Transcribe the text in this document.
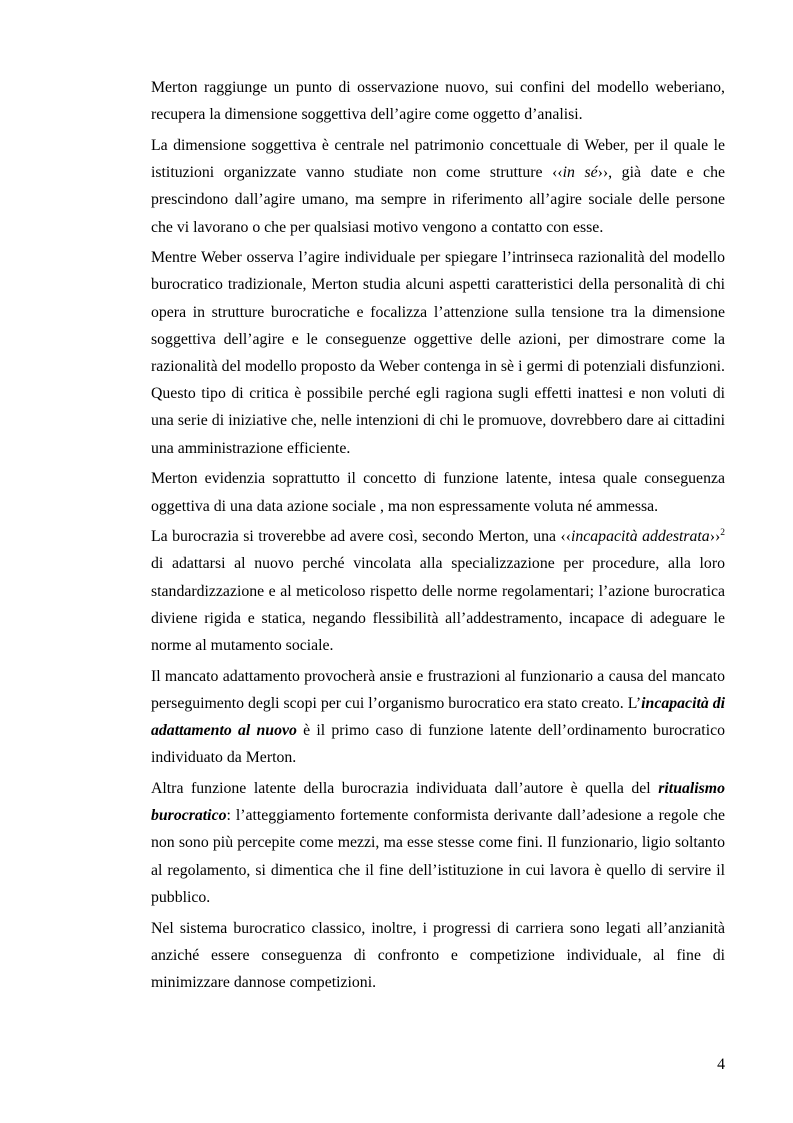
Merton raggiunge un punto di osservazione nuovo, sui confini del modello weberiano, recupera la dimensione soggettiva dell’agire come oggetto d’analisi.

La dimensione soggettiva è centrale nel patrimonio concettuale di Weber, per il quale le istituzioni organizzate vanno studiate non come strutture ‹‹in sé››, già date e che prescindono dall’agire umano, ma sempre in riferimento all’agire sociale delle persone che vi lavorano o che per qualsiasi motivo vengono a contatto con esse.

Mentre Weber osserva l’agire individuale per spiegare l’intrinseca razionalità del modello burocratico tradizionale, Merton studia alcuni aspetti caratteristici della personalità di chi opera in strutture burocratiche e focalizza l’attenzione sulla tensione tra la dimensione soggettiva dell’agire e le conseguenze oggettive delle azioni, per dimostrare come la razionalità del modello proposto da Weber contenga in sè i germi di potenziali disfunzioni. Questo tipo di critica è possibile perché egli ragiona sugli effetti inattesi e non voluti di una serie di iniziative che, nelle intenzioni di chi le promuove, dovrebbero dare ai cittadini una amministrazione efficiente.

Merton evidenzia soprattutto il concetto di funzione latente, intesa quale conseguenza oggettiva di una data azione sociale , ma non espressamente voluta né ammessa.

La burocrazia si troverebbe ad avere così, secondo Merton, una ‹‹incapacità addestrata››$^2$ di adattarsi al nuovo perché vincolata alla specializzazione per procedure, alla loro standardizzazione e al meticoloso rispetto delle norme regolamentari; l’azione burocratica diviene rigida e statica, negando flessibilità all’addestramento, incapace di adeguare le norme al mutamento sociale.

Il mancato adattamento provocherà ansie e frustrazioni al funzionario a causa del mancato perseguimento degli scopi per cui l’organismo burocratico era stato creato. L’incapacità di adattamento al nuovo è il primo caso di funzione latente dell’ordinamento burocratico individuato da Merton.

Altra funzione latente della burocrazia individuata dall’autore è quella del ritualismo burocratico: l’atteggiamento fortemente conformista derivante dall’adesione a regole che non sono più percepite come mezzi, ma esse stesse come fini. Il funzionario, ligio soltanto al regolamento, si dimentica che il fine dell’istituzione in cui lavora è quello di servire il pubblico.

Nel sistema burocratico classico, inoltre, i progressi di carriera sono legati all’anzianità anziché essere conseguenza di confronto e competizione individuale, al fine di minimizzare dannose competizioni.

4
